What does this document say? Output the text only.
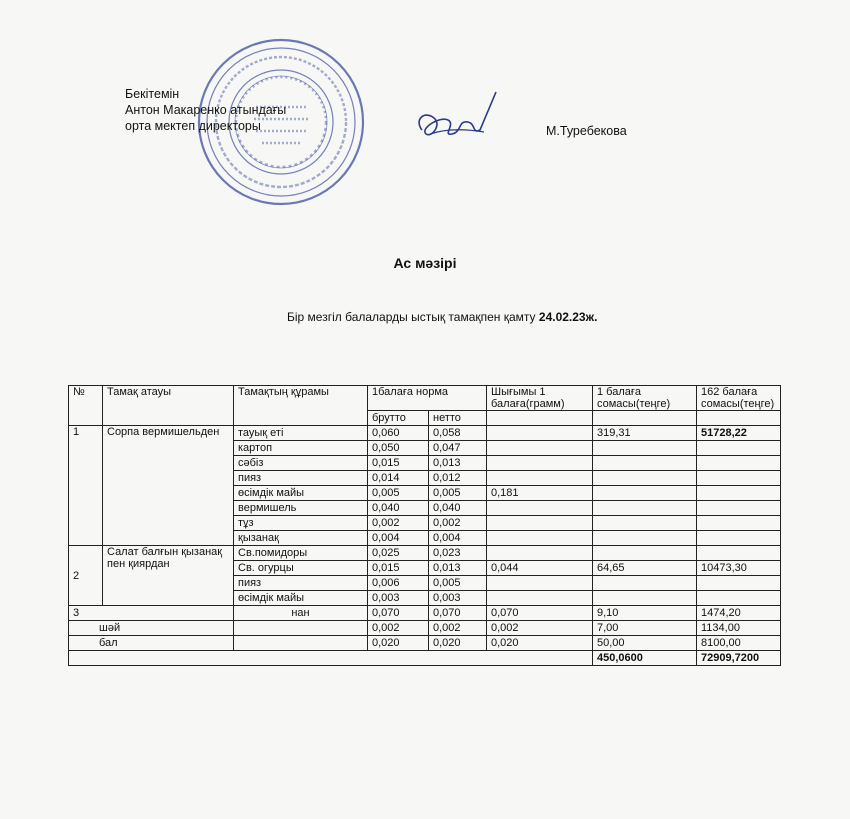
Бекітемін
Антон Макаренко атындағы
орта мектеп директоры	М.Туребекова
Ас мәзірі
Бір мезгіл балаларды ыстық тамақпен қамту 24.02.23ж.
№	Тамақ атауы	Тамақтың құрамы	1балаға норма		Шығымы 1 балаға(грамм)	1 балаға сомасы(теңге)	162 балаға сомасы(теңге)
			брутто	нетто			
1	Сорпа вермишельден	тауық еті	0,060	0,058		319,31	51728,22
		картоп	0,050	0,047			
		сәбіз	0,015	0,013			
		пияз	0,014	0,012			
		өсімдік майы	0,005	0,005	0,181		
		вермишель	0,040	0,040			
		тұз	0,002	0,002			
		қызанақ	0,004	0,004			
2	Салат балғын қызанақ пен қиярдан	Св.помидоры	0,025	0,023			
		Св. огурцы	0,015	0,013	0,044	64,65	10473,30
		пияз	0,006	0,005			
		өсімдік майы	0,003	0,003			
3		нан	0,070	0,070	0,070	9,10	1474,20
шәй			0,002	0,002	0,002	7,00	1134,00
бал			0,020	0,020	0,020	50,00	8100,00
						450,0600	72909,7200
